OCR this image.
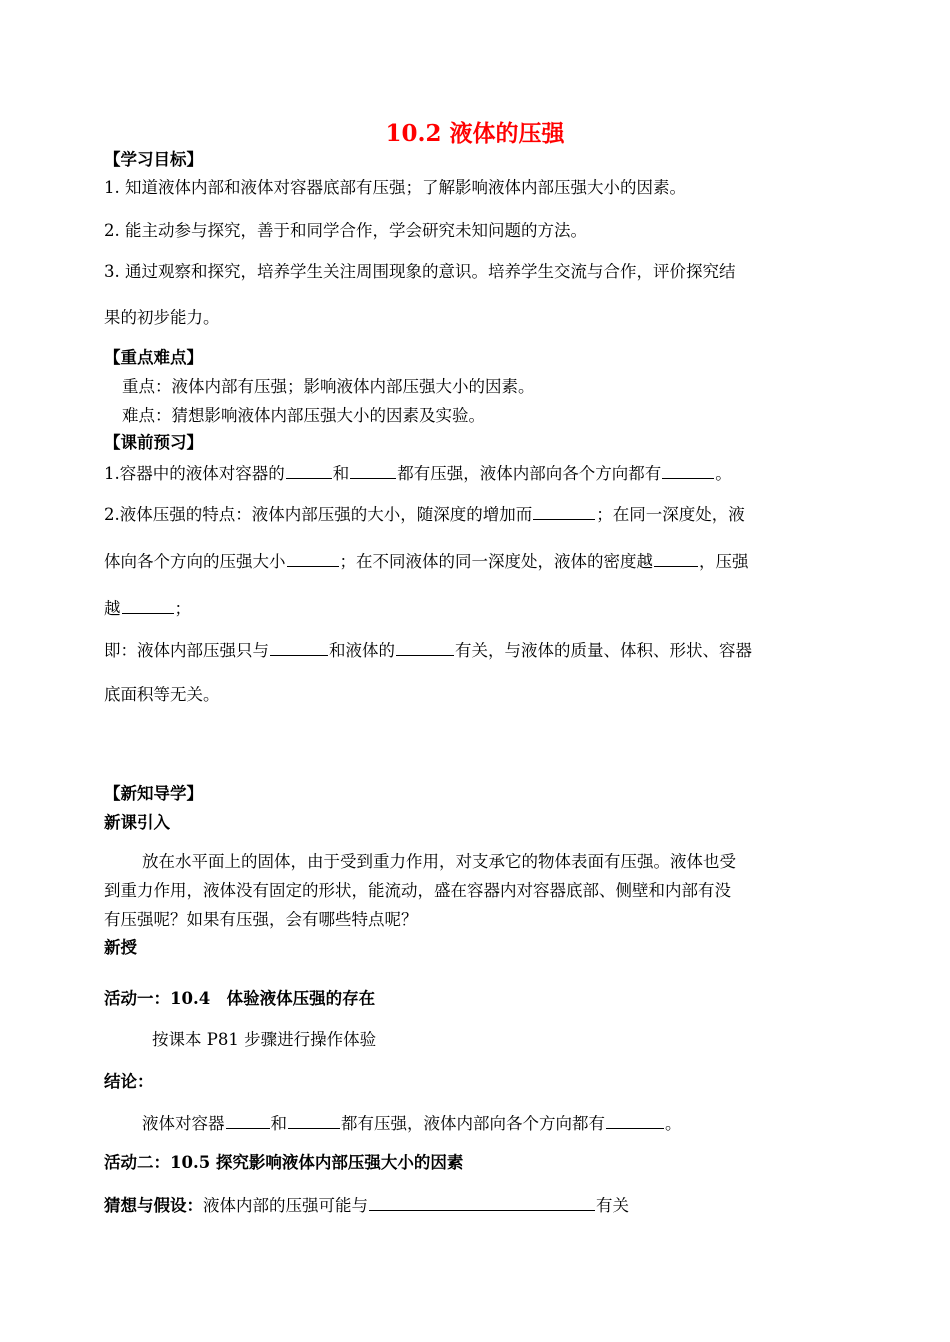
10.2 液体的压强
【学习目标】
1. 知道液体内部和液体对容器底部有压强；了解影响液体内部压强大小的因素。
2. 能主动参与探究，善于和同学合作，学会研究未知问题的方法。
3. 通过观察和探究，培养学生关注周围现象的意识。培养学生交流与合作，评价探究结
果的初步能力。
【重点难点】
重点：液体内部有压强；影响液体内部压强大小的因素。
难点：猜想影响液体内部压强大小的因素及实验。
【课前预习】
1.容器中的液体对容器的	和	都有压强，液体内部向各个方向都有	。
2.液体压强的特点：液体内部压强的大小，随深度的增加而	；在同一深度处，液
体向各个方向的压强大小	；在不同液体的同一深度处，液体的密度越	，压强
越	；
即：液体内部压强只与	和液体的	有关，与液体的质量、体积、形状、容器
底面积等无关。
【新知导学】
新课引入
放在水平面上的固体，由于受到重力作用，对支承它的物体表面有压强。液体也受
到重力作用，液体没有固定的形状，能流动，盛在容器内对容器底部、侧壁和内部有没
有压强呢？如果有压强，会有哪些特点呢？
新授
活动一：10.4　体验液体压强的存在
按课本 P81 步骤进行操作体验
结论：
液体对容器	和	都有压强，液体内部向各个方向都有	。
活动二：10.5 探究影响液体内部压强大小的因素
猜想与假设：液体内部的压强可能与	有关
